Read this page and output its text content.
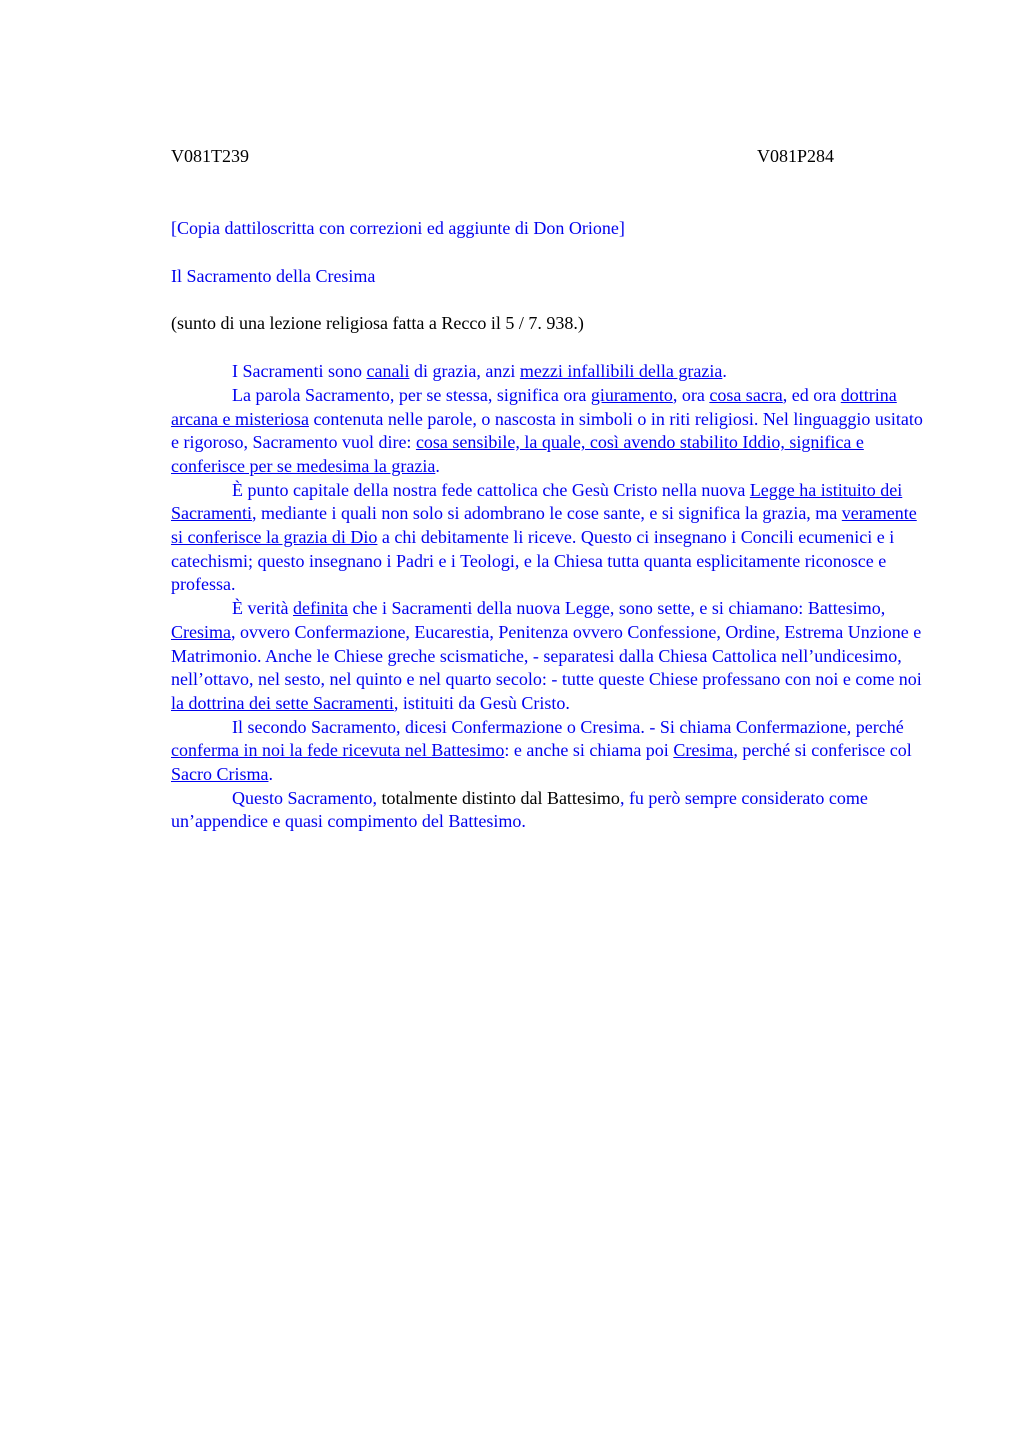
V081T239	V081P284
[Copia dattiloscritta con correzioni ed aggiunte di Don Orione]
Il Sacramento della Cresima
(sunto di una lezione religiosa fatta a Recco il 5 / 7. 938.)

I Sacramenti sono canali di grazia, anzi mezzi infallibili della grazia.

La parola Sacramento, per se stessa, significa ora giuramento, ora cosa sacra, ed ora dottrina arcana e misteriosa contenuta nelle parole, o nascosta in simboli o in riti religiosi. Nel linguaggio usitato e rigoroso, Sacramento vuol dire: cosa sensibile, la quale, così avendo stabilito Iddio, significa e conferisce per se medesima la grazia.

È punto capitale della nostra fede cattolica che Gesù Cristo nella nuova Legge ha istituito dei Sacramenti, mediante i quali non solo si adombrano le cose sante, e si significa la grazia, ma veramente si conferisce la grazia di Dio a chi debitamente li riceve. Questo ci insegnano i Concili ecumenici e i catechismi; questo insegnano i Padri e i Teologi, e la Chiesa tutta quanta esplicitamente riconosce e professa.

È verità definita che i Sacramenti della nuova Legge, sono sette, e si chiamano: Battesimo, Cresima, ovvero Confermazione, Eucarestia, Penitenza ovvero Confessione, Ordine, Estrema Unzione e Matrimonio. Anche le Chiese greche scismatiche, - separatesi dalla Chiesa Cattolica nell’undicesimo, nell’ottavo, nel sesto, nel quinto e nel quarto secolo: - tutte queste Chiese professano con noi e come noi la dottrina dei sette Sacramenti, istituiti da Gesù Cristo.

Il secondo Sacramento, dicesi Confermazione o Cresima. - Si chiama Confermazione, perché conferma in noi la fede ricevuta nel Battesimo: e anche si chiama poi Cresima, perché si conferisce col Sacro Crisma.

Questo Sacramento, totalmente distinto dal Battesimo, fu però sempre considerato come un’appendice e quasi compimento del Battesimo.
